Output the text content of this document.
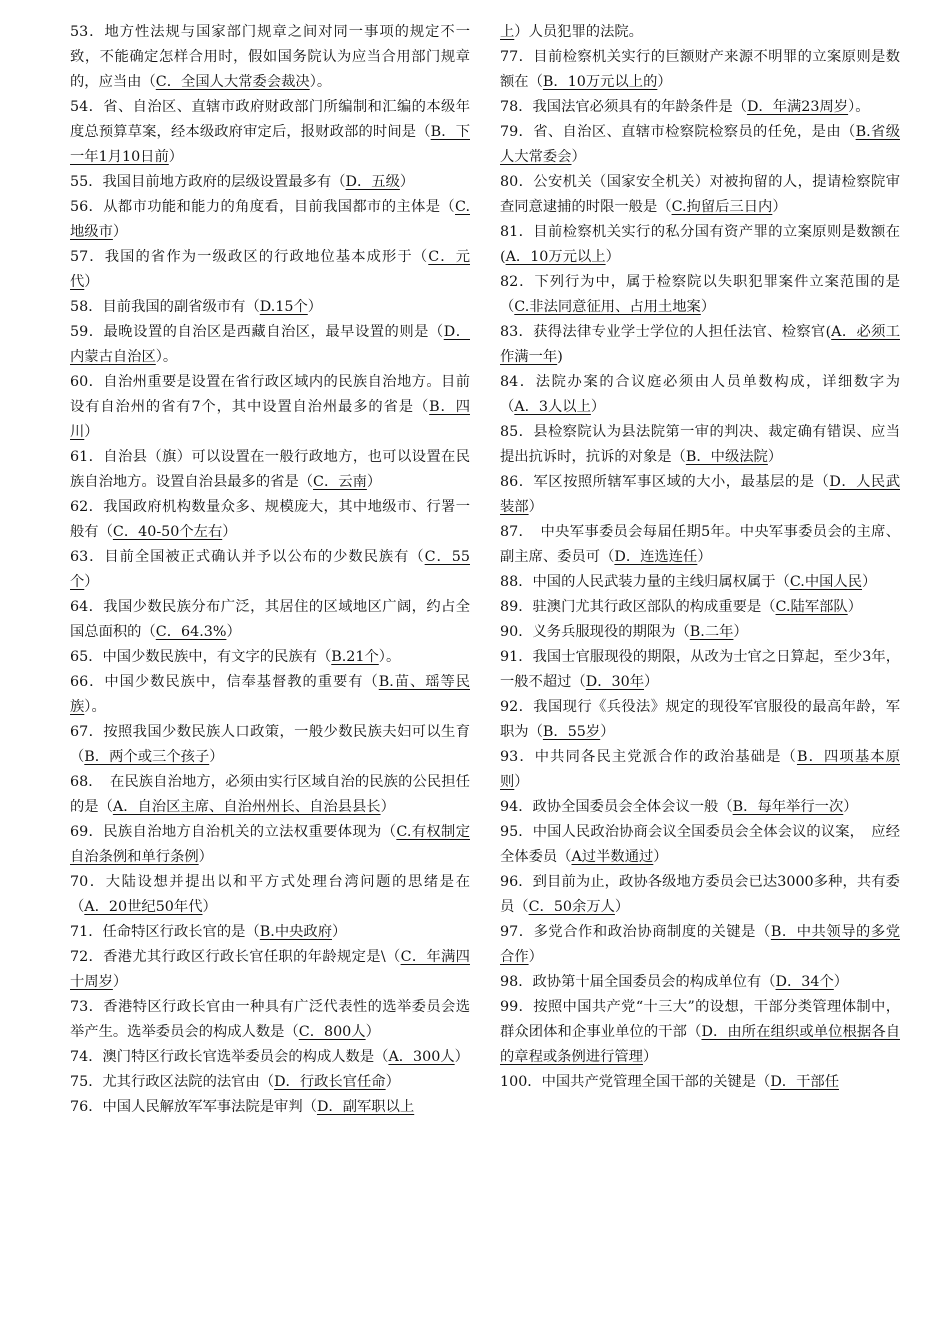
53．地方性法规与国家部门规章之间对同一事项的规定不一致，不能确定怎样合用时，假如国务院认为应当合用部门规章的，应当由（C．全国人大常委会裁决）。

54．省、自治区、直辖市政府财政部门所编制和汇编的本级年度总预算草案，经本级政府审定后，报财政部的时间是（B．下一年1月10日前）

55．我国目前地方政府的层级设置最多有（D．五级）

56．从都市功能和能力的角度看，目前我国都市的主体是（C.地级市）

57．我国的省作为一级政区的行政地位基本成形于（C．元代）

58．目前我国的副省级市有（D.15个）

59．最晚设置的自治区是西藏自治区，最早设置的则是（D．内蒙古自治区）。

60．自治州重要是设置在省行政区域内的民族自治地方。目前设有自治州的省有7个，其中设置自治州最多的省是（B．四川）

61．自治县（旗）可以设置在一般行政地方，也可以设置在民族自治地方。设置自治县最多的省是（C．云南）

62．我国政府机构数量众多、规模庞大，其中地级市、行署一般有（C．40-50个左右）

63．目前全国被正式确认并予以公布的少数民族有（C．55个）

64．我国少数民族分布广泛，其居住的区域地区广阔，约占全国总面积的（C．64.3%）

65．中国少数民族中，有文字的民族有（B.21个）。

66．中国少数民族中，信奉基督教的重要有（B.苗、瑶等民族）。

67．按照我国少数民族人口政策，一般少数民族夫妇可以生育（B．两个或三个孩子）

68．　在民族自治地方，必须由实行区域自治的民族的公民担任的是（A．自治区主席、自治州州长、自治县县长）

69．民族自治地方自治机关的立法权重要体现为（C.有权制定自治条例和单行条例）

70．大陆设想并提出以和平方式处理台湾问题的思绪是在（A．20世纪50年代）

71．任命特区行政长官的是（B.中央政府）

72．香港尤其行政区行政长官任职的年龄规定是\（C．年满四十周岁）

73．香港特区行政长官由一种具有广泛代表性的选举委员会选举产生。选举委员会的构成人数是（C．800人）

74．澳门特区行政长官选举委员会的构成人数是（A．300人）

75．尤其行政区法院的法官由（D．行政长官任命）

76．中国人民解放军军事法院是审判（D．副军职以上

上）人员犯罪的法院。

77．目前检察机关实行的巨额财产来源不明罪的立案原则是数额在（B．10万元以上的）

78．我国法官必须具有的年龄条件是（D．年满23周岁）。

79．省、自治区、直辖市检察院检察员的任免，是由（B.省级人大常委会）

80．公安机关（国家安全机关）对被拘留的人，提请检察院审查同意逮捕的时限一般是（C.拘留后三日内）

81．目前检察机关实行的私分国有资产罪的立案原则是数额在(A．10万元以上）

82．下列行为中，属于检察院以失职犯罪案件立案范围的是（C.非法同意征用、占用土地案）

83．获得法律专业学士学位的人担任法官、检察官(A．必须工作满一年)

84．法院办案的合议庭必须由人员单数构成，详细数字为（A．3人以上）

85．县检察院认为县法院第一审的判决、裁定确有错误、应当提出抗诉时，抗诉的对象是（B．中级法院）

86．军区按照所辖军事区域的大小，最基层的是（D．人民武装部）

87．　中央军事委员会每届任期5年。中央军事委员会的主席、副主席、委员可（D．连选连任）

88．中国的人民武装力量的主线归属权属于（C.中国人民）

89．驻澳门尤其行政区部队的构成重要是（C.陆军部队）

90．义务兵服现役的期限为（B.二年）

91．我国士官服现役的期限，从改为士官之日算起，至少3年，一般不超过（D．30年）

92．我国现行《兵役法》规定的现役军官服役的最高年龄，军职为（B．55岁）

93．中共同各民主党派合作的政治基础是（B．四项基本原则）

94．政协全国委员会全体会议一般（B．每年举行一次）

95．中国人民政治协商会议全国委员会全体会议的议案，　应经全体委员（A过半数通过）

96．到目前为止，政协各级地方委员会已达3000多种，共有委员（C．50余万人）

97．多党合作和政治协商制度的关键是（B．中共领导的多党合作）

98．政协第十届全国委员会的构成单位有（D．34个）

99．按照中国共产党“十三大”的设想，干部分类管理体制中，群众团体和企事业单位的干部（D．由所在组织或单位根据各自的章程或条例进行管理）

100．中国共产党管理全国干部的关键是（D．干部任
